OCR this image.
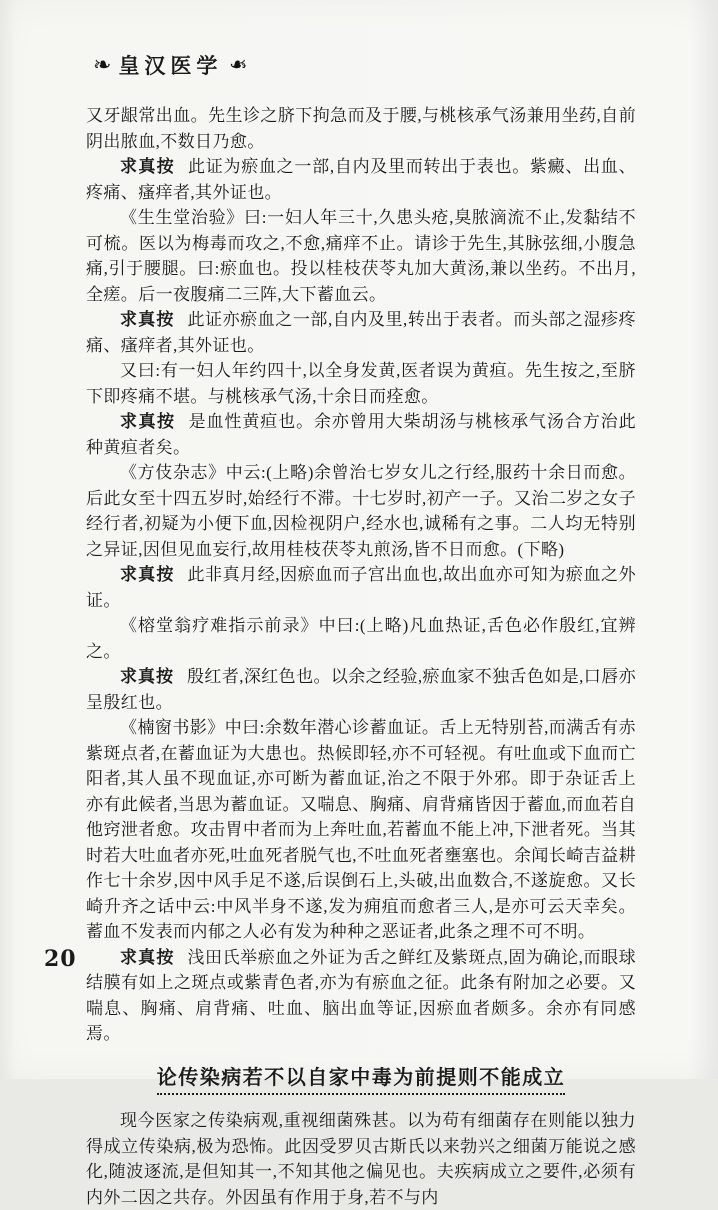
❧ 皇汉医学 ❧

又牙龈常出血。先生诊之脐下拘急而及于腰,与桃核承气汤兼用坐药,自前阴出脓血,不数日乃愈。

求真按 此证为瘀血之一部,自内及里而转出于表也。紫癜、出血、疼痛、瘙痒者,其外证也。

《生生堂治验》曰:一妇人年三十,久患头疮,臭脓滴流不止,发黏结不可梳。医以为梅毒而攻之,不愈,痛痒不止。请诊于先生,其脉弦细,小腹急痛,引于腰腿。曰:瘀血也。投以桂枝茯苓丸加大黄汤,兼以坐药。不出月,全瘥。后一夜腹痛二三阵,大下蓄血云。

求真按 此证亦瘀血之一部,自内及里,转出于表者。而头部之湿疹疼痛、瘙痒者,其外证也。

又曰:有一妇人年约四十,以全身发黄,医者误为黄疸。先生按之,至脐下即疼痛不堪。与桃核承气汤,十余日而痊愈。

求真按 是血性黄疸也。余亦曾用大柴胡汤与桃核承气汤合方治此种黄疸者矣。

《方伎杂志》中云:(上略)余曾治七岁女儿之行经,服药十余日而愈。后此女至十四五岁时,始经行不滞。十七岁时,初产一子。又治二岁之女子经行者,初疑为小便下血,因检视阴户,经水也,诚稀有之事。二人均无特别之异证,因但见血妄行,故用桂枝茯苓丸煎汤,皆不日而愈。(下略)

求真按 此非真月经,因瘀血而子宫出血也,故出血亦可知为瘀血之外证。

《榕堂翁疗难指示前录》中曰:(上略)凡血热证,舌色必作殷红,宜辨之。

求真按 殷红者,深红色也。以余之经验,瘀血家不独舌色如是,口唇亦呈殷红也。

《楠窗书影》中曰:余数年潜心诊蓄血证。舌上无特别苔,而满舌有赤紫斑点者,在蓄血证为大患也。热候即轻,亦不可轻视。有吐血或下血而亡阳者,其人虽不现血证,亦可断为蓄血证,治之不限于外邪。即于杂证舌上亦有此候者,当思为蓄血证。又喘息、胸痛、肩背痛皆因于蓄血,而血若自他窍泄者愈。攻击胃中者而为上奔吐血,若蓄血不能上冲,下泄者死。当其时若大吐血者亦死,吐血死者脱气也,不吐血死者壅塞也。余闻长崎吉益耕作七十余岁,因中风手足不遂,后误倒石上,头破,出血数合,不遂旋愈。又长崎升齐之话中云:中风半身不遂,发为痈疽而愈者三人,是亦可云天幸矣。蓄血不发表而内郁之人必有发为种种之恶证者,此条之理不可不明。

求真按 浅田氏举瘀血之外证为舌之鲜红及紫斑点,固为确论,而眼球结膜有如上之斑点或紫青色者,亦为有瘀血之征。此条有附加之必要。又喘息、胸痛、肩背痛、吐血、脑出血等证,因瘀血者颇多。余亦有同感焉。

论传染病若不以自家中毒为前提则不能成立

现今医家之传染病观,重视细菌殊甚。以为苟有细菌存在则能以独力得成立传染病,极为恐怖。此因受罗贝古斯氏以来勃兴之细菌万能说之感化,随波逐流,是但知其一,不知其他之偏见也。夫疾病成立之要件,必须有内外二因之共存。外因虽有作用于身,若不与内

20
